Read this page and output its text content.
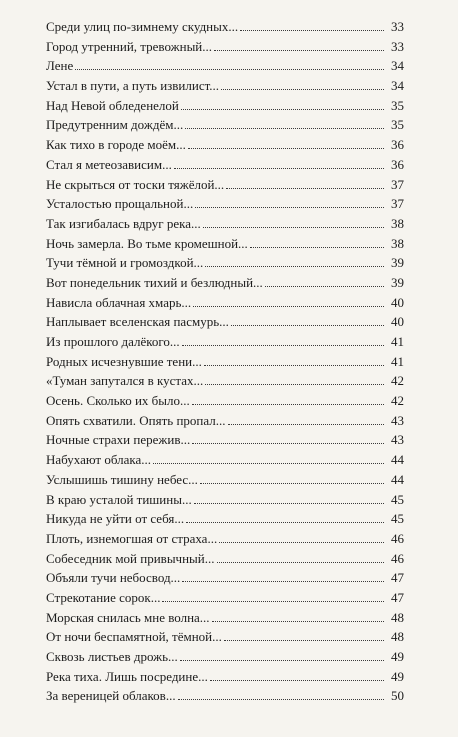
Среди улиц по-зимнему скудных...	33
Город утренний, тревожный...	33
Лене	34
Устал в пути, а путь извилист...	34
Над Невой обледенелой	35
Предутренним дождём...	35
Как тихо в городе моём...	36
Стал я метеозависим...	36
Не скрыться от тоски тяжёлой...	37
Усталостью прощальной...	37
Так изгибалась вдруг река...	38
Ночь замерла. Во тьме кромешной...	38
Тучи тёмной и громоздкой...	39
Вот понедельник тихий и безлюдный...	39
Нависла облачная хмарь...	40
Наплывает вселенская пасмурь...	40
Из прошлого далёкого...	41
Родных исчезнувшие тени...	41
«Туман запутался в кустах...	42
Осень. Сколько их было...	42
Опять схватили. Опять пропал...	43
Ночные страхи пережив...	43
Набухают облака...	44
Услышишь тишину небес...	44
В краю усталой тишины...	45
Никуда не уйти от себя...	45
Плоть, изнемогшая от страха...	46
Собеседник мой привычный...	46
Объяли тучи небосвод...	47
Стрекотание сорок...	47
Морская снилась мне волна...	48
От ночи беспамятной, тёмной...	48
Сквозь листьев дрожь...	49
Река тиха. Лишь посредине...	49
За вереницей облаков...	50
